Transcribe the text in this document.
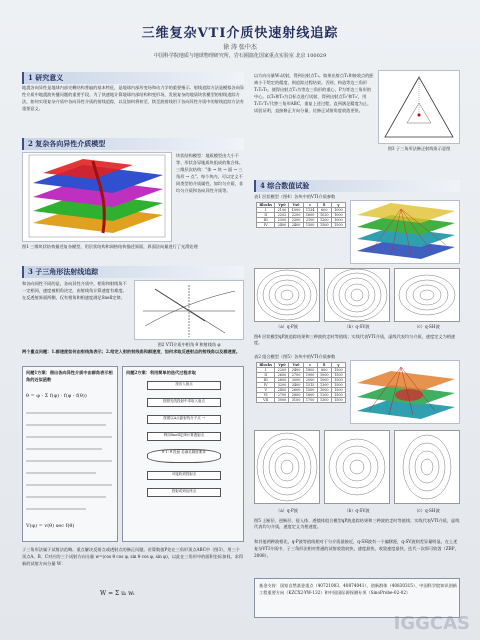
三维复杂VTI介质快速射线追踪
徐 涛 张中杰
中国科学院地质与地球物理研究所，岩石圈演化国家重点实验室 北京 100029
1 研究意义
地震各向异性是地球内部壳幔结构普遍的基本特征，是地球内部形变场和动力学的重要指示。射线追踪方法是模拟各向异性介质中地震波传播问题的重要手段。为了快速地计算地球内部结构和变形场，发展复杂的地质块状模型的射线追踪方法，如何实现复杂介质中各向异性介质的射线追踪，以及如何将初至、续至波射线用于各向异性介质中的射线追踪方法有重要意义。
2 复杂各向异性介质模型
块状结构模型：地质模型由大小不等、形状各异地质块组成的集合体。三维层次结构："体 → 块 → 面 → 三角形 → 点"。每个块内，可以定义不同类型的介质属性，如均匀介质、非均匀介质和各向异性介质等。
图1 三维块状结构描述复杂模型，用层状结构和网格结构描述界面，界面法向量进行了光滑处理
3 子三角形法射线追踪
和各向同性不同的是，各向异性介质中，相角和射线角不一定相同，速度被相角决定，由射线角计算速度有难度。在反透射界面两侧，仅有相角和相速度满足Snell定律。
图2 VTI介质中相角 θ 和射线角 φ
两个重点问题：1.群速度如何由射线角表示；2.给定入射的射线角和群速度，如何求取反透射点的射线角以及群速度。
问题1方案：借出各向异性介质中由群角表示相角的近似函数
θ = φ - Σ f(φ) · f(φ - f(θ))
V(φ) = v(θ) sec f(θ)
问题2方案：利用简单的迭代过程求取
找出入射点
按照光线投射中求取入射点
按照以A点距射线分子点 →
利用Snell定律计算透射点
θ 1: θ 投射 若满足精度要求
可接收到投射点
投射或到达终点
子三角形法属于试射法范畴。重点解决反射点或透射点的修正问题。若算数值P处在三角形顶点ABC中（图3），用三个顶点A、B、C对应的三个试射方向分量 w=(cos θ cos φ, sin θ cos φ, sin φ)，以此在三角形中的面积坐标加权。求得新的试射方向分量 W：
W = Σ uᵢ wᵢ
以方向分量W₁试射，得到出射点T₁。如果出射点T₁和接收点的距离小于给定的精度，则追踪过程结束。否则，构造等边三角形T₁T₂T₃，使得出射点T₁为等边三角形的重心，P为等边三角形的中心。以T₂和T₃为目标点进行试射，得到出射点T₂'和T₃'，用T₁T₂'T₃'代替三角形ABC，重复上述过程，直到满足精度为止。试验证明，直接修正方向分量，比修正试射角度收敛更快。
图3 子三角形法修正射线角示意图
4 综合数值试验
表1 层状模型（图4）各块中的VTI介质参数
Blocks	Vp0	Vs0	ε	δ	γ
I	2100	1000	1134	600	1000
II	2202	2200	1600	1020	1000
III	2300	2300	2100	1200	1000
IV	2400	2400	1500	1500	1500
（a）q-P波	（b）q-SV波	（c）q-SH波
图4 层状模型qP波追踪结果和三种波的走时等值线；实线代表VTI介质，虚线代表均匀介质，速度定义为相速度。
表2 组合模型（图5）各块中的VTI介质参数
Blocks	Vp0	Vs0	ε	δ	γ
I	2200	2400	1800	800	1500
II	2600	2700	1900	1000	1500
III	2800	3000	2000	1000	1500
IV	3200	3400	1515	1300	1500
V	2400	2600	1500	1000	1500
VI	2700	2800	1600	1200	1500
VII	3000	3100	1700	1300	1500
（a）q-P波	（b）q-SV波	（c）q-SH波
图5 上断层、逆断层、侵入体、透镜体组合模型qP波追踪结果和三种波的走时等值线；实线代表VTI介质，虚线代表均匀介质，速度定义为相速度。
和其他两种波相比，q-P波等值线相对于匀介质最接近，q-SH波有一个偏移距，q-SV波则差异量明显。在上述复杂VTI介质中，子三角形法相对普通的试射收敛较快，速度最快，收敛速度最快，迭代一次即可收敛（ZBP，2008）。
基金支持：国家自然基金重点（40721003、40874041）、创新群体（40830315）、中国科学院知识创新工程重要方向（KZCX2-YW-132）和中国国际源探测专项（SinoProbe-02-02）
IGGCAS
